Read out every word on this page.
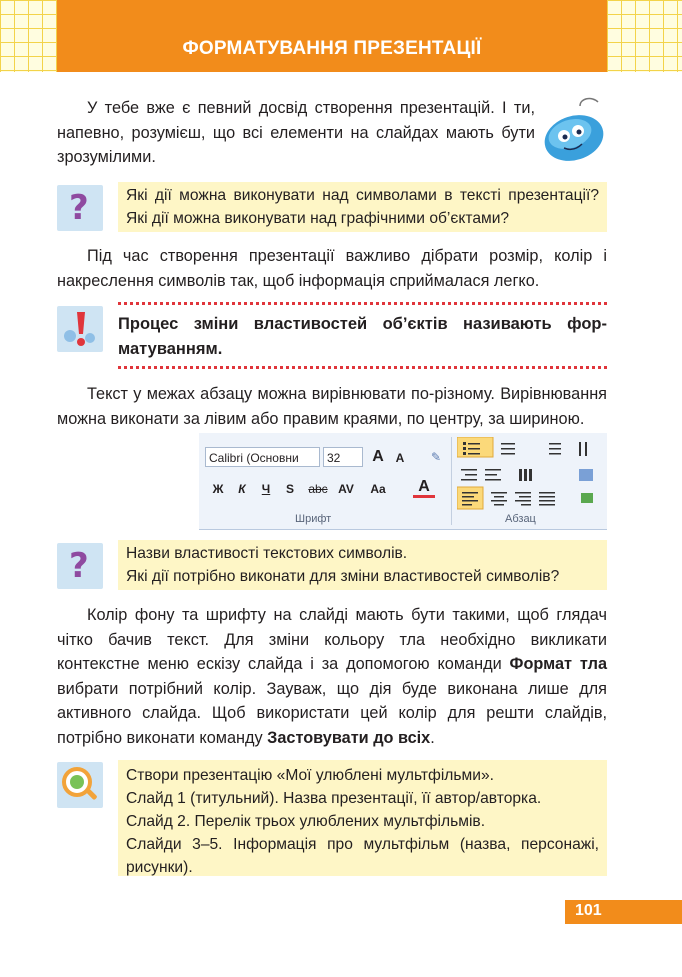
ФОРМАТУВАННЯ ПРЕЗЕНТАЦІЇ
У тебе вже є певний досвід створення презентацій. І ти, напевно, розумієш, що всі елементи на слайдах мають бути зрозумілими.
?	Які дії можна виконувати над символами в тексті презентації? Які дії можна виконувати над графічними об’єктами?
Під час створення презентації важливо дібрати розмір, колір і накреслення символів так, щоб інформація сприймалася легко.
Процес зміни властивостей об’єктів називають форматуванням.
Текст у межах абзацу можна вирівнювати по-різному. Вирівнювання можна виконати за лівим або правим краями, по центру, за шириною.
Calibri (Основни	32	A A	✎
Ж	К	Ч	S	abc AV Aa	A
Шрифт	Абзац
? Назви властивості текстових символів.
Які дії потрібно виконати для зміни властивостей символів?
Колір фону та шрифту на слайді мають бути такими, щоб глядач чітко бачив текст. Для зміни кольору тла необхідно викликати контекстне меню ескізу слайда і за допомогою команди Формат тла вибрати потрібний колір. Зауваж, що дія буде виконана лише для активного слайда. Щоб використати цей колір для решти слайдів, потрібно виконати команду Застовувати до всіх.
Створи презентацію «Мої улюблені мультфільми».
Слайд 1 (титульний). Назва презентації, її автор/авторка.
Слайд 2. Перелік трьох улюблених мультфільмів.
Слайди 3–5. Інформація про мультфільм (назва, персонажі, рисунки).
101
